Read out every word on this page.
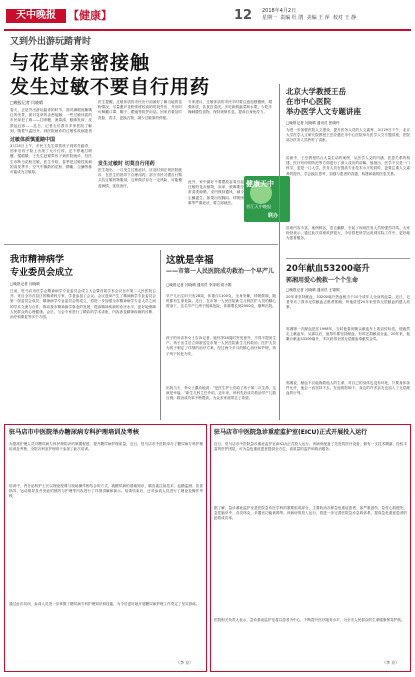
天中晚报	【健康】	12 2018年4月2日
星期一 责编 杜 鹃 美编 王 萍 校对 王 静
又到外出游玩踏青时
与花草亲密接触
发生过敏不要自行用药
□晚报记者 闫晓晴
春天，正是外出游玩踏青的时节，面对满眼姹紫嫣红的美景，面对花草的亲密接触，一些过敏体质的市民却犯了难——打喷嚏、流鼻涕、眼睛发痒、皮肤起红疹……近日，记者走访我市多家医院了解到，随着气温回升，到医院就诊的过敏性疾病患者
过敏体质慎重踏中国
3月25日上午，市民王先生带着孩子到郊外踏青，回家后孩子脸上出现了大片红疹，还不停地打喷嚏、揉眼睛。王先生赶紧带孩子到医院就诊，经医生诊断为花粉过敏。医生介绍，春季是过敏性疾病的高发季节，空气中飘散的花粉、柳絮、尘螨等都可能成为过敏原。
医生提醒，过敏体质的市民出行前最好了解当地的花粉情况，尽量避开花粉浓度较高的时段外出，外出时可佩戴口罩、帽子、眼镜等防护用品。回家后要及时洗脸、洗手、更换衣物，减少过敏原的停留。
发生过敏时 切莫自行用药
医生指出，一旦发生过敏症状，应及时到正规医院就诊，在医生的指导下合理用药。部分市民习惯自行购买抗过敏药物服用，这种做法存在一定风险，可能掩盖病情，延误治疗。
专家建议，过敏体质的市民平时要注意加强锻炼，增强体质，饮食宜清淡，多吃新鲜蔬菜和水果，少吃辛辣刺激性食物，保持规律作息，提高自身免疫力。
此外，家中最好不要摆放容易引起过敏的花卉植物，床单、被褥要经常清洗晾晒，室内保持通风，减少尘螨滋生。如果出现胸闷、呼吸困难等严重症状，要立即就医。
健康天中
晋江天中晚报
联办
北京大学教授王岳
在市中心医院
举办医学人文专题讲座
□晚报记者 闫晓晴 通讯员 张晓玲
为进一步加强医院人文建设，提升医务人员的人文素养，3月29日下午，北京大学医学人文研究院教授王岳应邀在市中心医院举办医学人文专题讲座，医院部分医务人员聆听了讲座。
讲座中，王岳教授结合大量生动的案例，从医学人文的内涵、医患关系的构建、医疗纠纷的防范等方面进行了深入浅出的讲解。他指出，医学不仅是一门科学，更是一门人学，医务人员在提高专业技术水平的同时，更要注重人文素养的提升，学会换位思考，加强与患者的沟通，构建和谐的医患关系。
讲座内容丰富，案例鲜活，语言幽默，引起了现场医务人员的强烈共鸣。大家纷纷表示，通过此次讲座收获很大，今后将把所学运用到实际工作中，更好地为患者服务。
20年献血53200毫升
郭湘用爱心挽救一个个生命
□晚报记者 闫晓晴 通讯员 王锦锦
20年来坚持献血，53200毫升热血相当于10个成年人全身的血量。近日，记者采访了我市无偿献血志愿者郭湘，听他讲述20年来坚持无偿献血的感人故事。
郭湘第一次献血是在1998年，当时他看到街头献血车上的宣传标语，便毅然走上献血车。从那以后，他每年都坚持献血，有时还捐献成分血。20年来，他累计献血53200毫升，多次获得全国无偿献血奉献奖金奖。
郭湘说，献血不仅能挽救他人的生命，对自己的身体也没有坏处，只要身体条件允许，他会一直坚持下去。在他的影响下，身边的许多亲友也加入了无偿献血的行列。
我市精神病学
专业委员会成立
□晚报记者 闫晓晴
日前，驻马店市医学会精神病学专业委员会成立大会暨首届学术会议在市第二人民医院召开。来自全市各县区的精神科专家、学者参加了会议。会议选举产生了精神病学专业委员会第一届委员会成员。精神病学专业委员会的成立，将进一步加强全市精神病学专业人员之间的学术交流与合作，推动我市精神病学事业的发展，提高精神疾病的诊疗水平，更好地保障人民群众的心理健康。会后，与会专家进行了精彩的学术讲座，内容涉及精神疾病的诊断、治疗和康复等多个方面。
这就是幸福
——市第一人民医院成功救治一个早产儿
□晚报记者 闫晓晴 通讯员 李泽明 周小娟
早产儿出生时只有28周，体重仅1100克，全身发紫，呼吸微弱，随时都有生命危险。近日，在市第一人民医院新生儿科医护人员的精心救治下，这名早产儿终于脱离危险，体重增长到2500克，顺利出院。
孩子的母亲李女士告诉记者，她怀孕28周时突发意外，不得不提前生产。孩子出生后立即被送往市第一人民医院新生儿科救治。医护人员为孩子制定了详细的治疗方案，经过两个多月的精心治疗和护理，孩子终于转危为安。
出院当天，李女士激动地说：“是医生护士们给了孩子第二次生命，这就是幸福。”新生儿科主任介绍，近年来，该科先后成功救治早产儿数百例，救治成功率不断提高，为众多家庭带去了希望。
驻马店市中医院举办糖尿病专科护理培训及考核
为提高护理人员对糖尿病专科护理知识的掌握程度，提升糖尿病护理质量，近日，驻马店市中医院举办了糖尿病专科护理培训及考核，全院各科室护理骨干参加了此次培训。
培训中，内分泌科护士长以理论授课与现场操作相结合的方式，就糖尿病的基础知识、胰岛素注射技术、血糖监测、饮食指导、运动指导及并发症的预防与护理等内容进行了详细讲解和演示。培训结束后，还对参训人员进行了理论及操作考核。
通过此次培训，参训人员进一步掌握了糖尿病专科护理知识和技能，为今后更好地开展糖尿病护理工作奠定了坚实基础。
（李 京）
驻马店市中医院急诊重症监护室(EICU)正式开展投入运行
近日，驻马店市中医院急诊重症监护室(EICU)正式投入运行。该病房配备了先进的医疗设备，拥有一支技术精湛、经验丰富的医护团队，可为急危重症患者提供全方位、高质量的监护和救治服务。
据了解，急诊重症监护室是医院急诊医学科的重要组成部分，主要收治各种急危重症患者，如严重创伤、急性心肌梗死、急性脑卒中、各类休克、多器官功能衰竭等。该病房的投入运行，将进一步完善医院急诊急救体系，提高急危重症患者的抢救成功率。
医院相关负责人表示，急诊重症监护室将以患者为中心，不断提升医疗服务水平，为全市人民群众的生命健康保驾护航。
（李 京）
